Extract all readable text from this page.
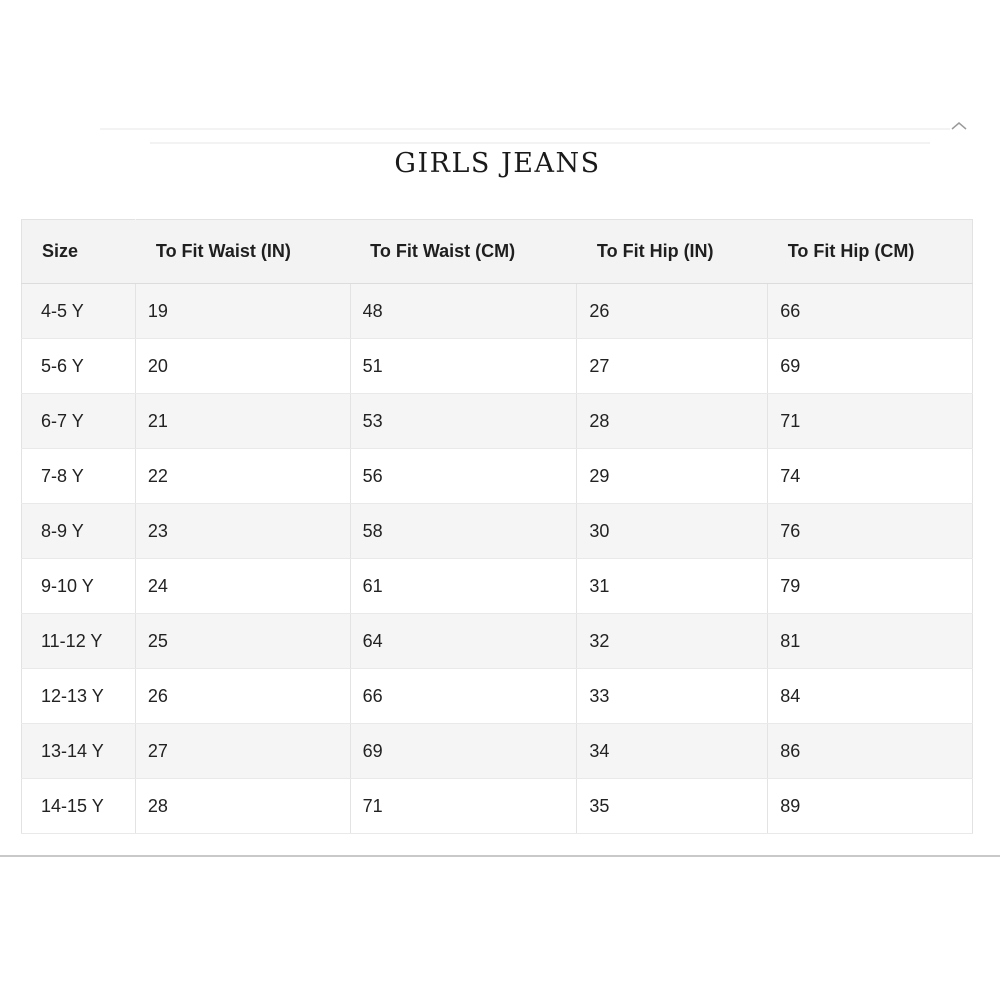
GIRLS JEANS
Size	To Fit Waist (IN)	To Fit Waist (CM)	To Fit Hip (IN)	To Fit Hip (CM)
4-5 Y	19	48	26	66
5-6 Y	20	51	27	69
6-7 Y	21	53	28	71
7-8 Y	22	56	29	74
8-9 Y	23	58	30	76
9-10 Y	24	61	31	79
11-12 Y	25	64	32	81
12-13 Y	26	66	33	84
13-14 Y	27	69	34	86
14-15 Y	28	71	35	89
